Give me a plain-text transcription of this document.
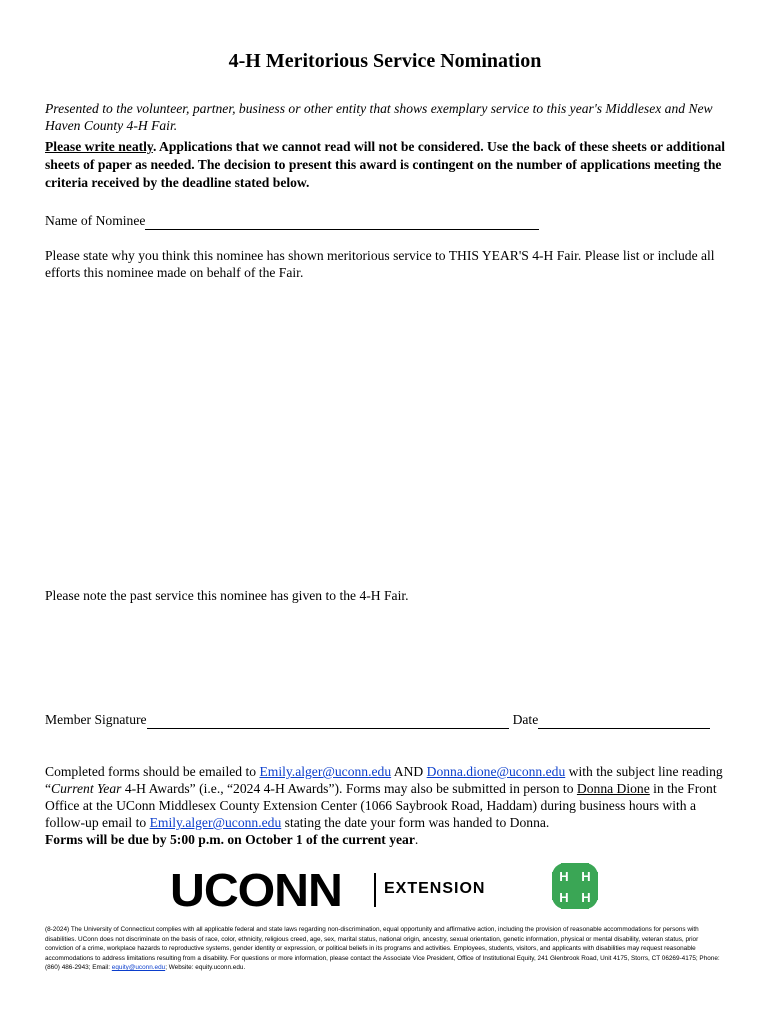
4-H Meritorious Service Nomination
Presented to the volunteer, partner, business or other entity that shows exemplary service to this year's Middlesex and New Haven County 4-H Fair.
Please write neatly. Applications that we cannot read will not be considered. Use the back of these sheets or additional sheets of paper as needed. The decision to present this award is contingent on the number of applications meeting the criteria received by the deadline stated below.
Name of Nominee
Please state why you think this nominee has shown meritorious service to THIS YEAR'S 4-H Fair. Please list or include all efforts this nominee made on behalf of the Fair.
Please note the past service this nominee has given to the 4-H Fair.
Member Signature	Date
Completed forms should be emailed to Emily.alger@uconn.edu AND Donna.dione@uconn.edu with the subject line reading “Current Year 4-H Awards” (i.e., “2024 4-H Awards”). Forms may also be submitted in person to Donna Dione in the Front Office at the UConn Middlesex County Extension Center (1066 Saybrook Road, Haddam) during business hours with a follow-up email to Emily.alger@uconn.edu stating the date your form was handed to Donna.
Forms will be due by 5:00 p.m. on October 1 of the current year.
UCONN	EXTENSION
H H
H H
(8-2024) The University of Connecticut complies with all applicable federal and state laws regarding non-discrimination, equal opportunity and affirmative action, including the provision of reasonable accommodations for persons with disabilities. UConn does not discriminate on the basis of race, color, ethnicity, religious creed, age, sex, marital status, national origin, ancestry, sexual orientation, genetic information, physical or mental disability, veteran status, prior conviction of a crime, workplace hazards to reproductive systems, gender identity or expression, or political beliefs in its programs and activities. Employees, students, visitors, and applicants with disabilities may request reasonable accommodations to address limitations resulting from a disability. For questions or more information, please contact the Associate Vice President, Office of Institutional Equity, 241 Glenbrook Road, Unit 4175, Storrs, CT 06269-4175; Phone: (860) 486-2943; Email: equity@uconn.edu; Website: equity.uconn.edu.
